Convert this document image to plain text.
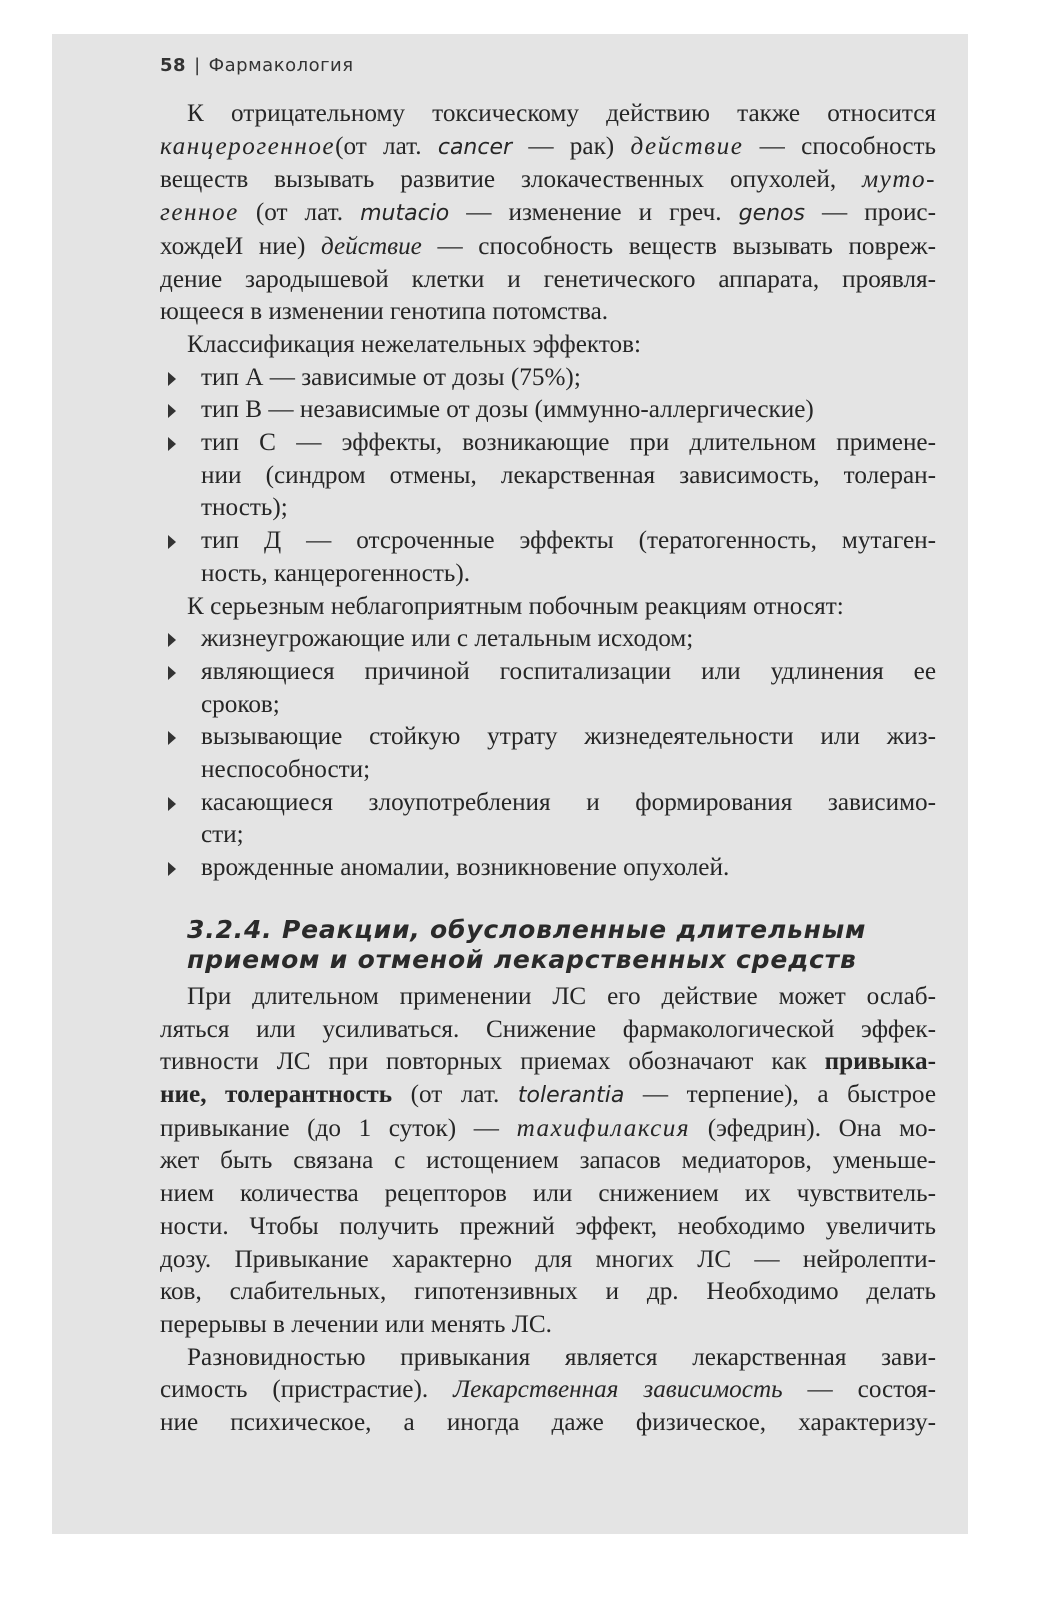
58 | Фармакология
К отрицательному токсическому действию также относится
канцерогенное(от лат. cancer — рак) действие — способность
веществ вызывать развитие злокачественных опухолей, муто-
генное (от лат. mutacio — изменение и греч. genos — проис-
хождеИ ние) действие — способность веществ вызывать повреж-
дение зародышевой клетки и генетического аппарата, проявля-
ющееся в изменении генотипа потомства.
Классификация нежелательных эффектов:
тип А — зависимые от дозы (75%);
тип В — независимые от дозы (иммунно-аллергические)
тип С — эффекты, возникающие при длительном применe-
нии (синдром отмены, лекарственная зависимость, толеран-
тность);
тип Д — отсроченные эффекты (тератогенность, мутаген-
ность, канцерогенность).
К серьезным неблагоприятным побочным реакциям относят:
жизнеугрожающие или с летальным исходом;
являющиеся причиной госпитализации или удлинения ее
сроков;
вызывающие стойкую утрату жизнедеятельности или жиз-
неспособности;
касающиеся злоупотребления и формирования зависимо-
сти;
врожденные аномалии, возникновение опухолей.
3.2.4. Реакции, обусловленные длительным
приемом и отменой лекарственных средств
При длительном применении ЛС его действие может ослаб-
ляться или усиливаться. Снижение фармакологической эффек-
тивности ЛС при повторных приемах обозначают как привыка-
ние, толерантность (от лат. tolerantia — терпение), а быстрое
привыкание (до 1 суток) — тахифилаксия (эфедрин). Она мо-
жет быть связана с истощением запасов медиаторов, уменьше-
нием количества рецепторов или снижением их чувствитель-
ности. Чтобы получить прежний эффект, необходимо увеличить
дозу. Привыкание характерно для многих ЛС — нейролепти-
ков, слабительных, гипотензивных и др. Необходимо делать
перерывы в лечении или менять ЛС.
Разновидностью привыкания является лекарственная зави-
симость (пристрастие). Лекарственная зависимость — состоя-
ние психическое, а иногда даже физическое, характеризу-
